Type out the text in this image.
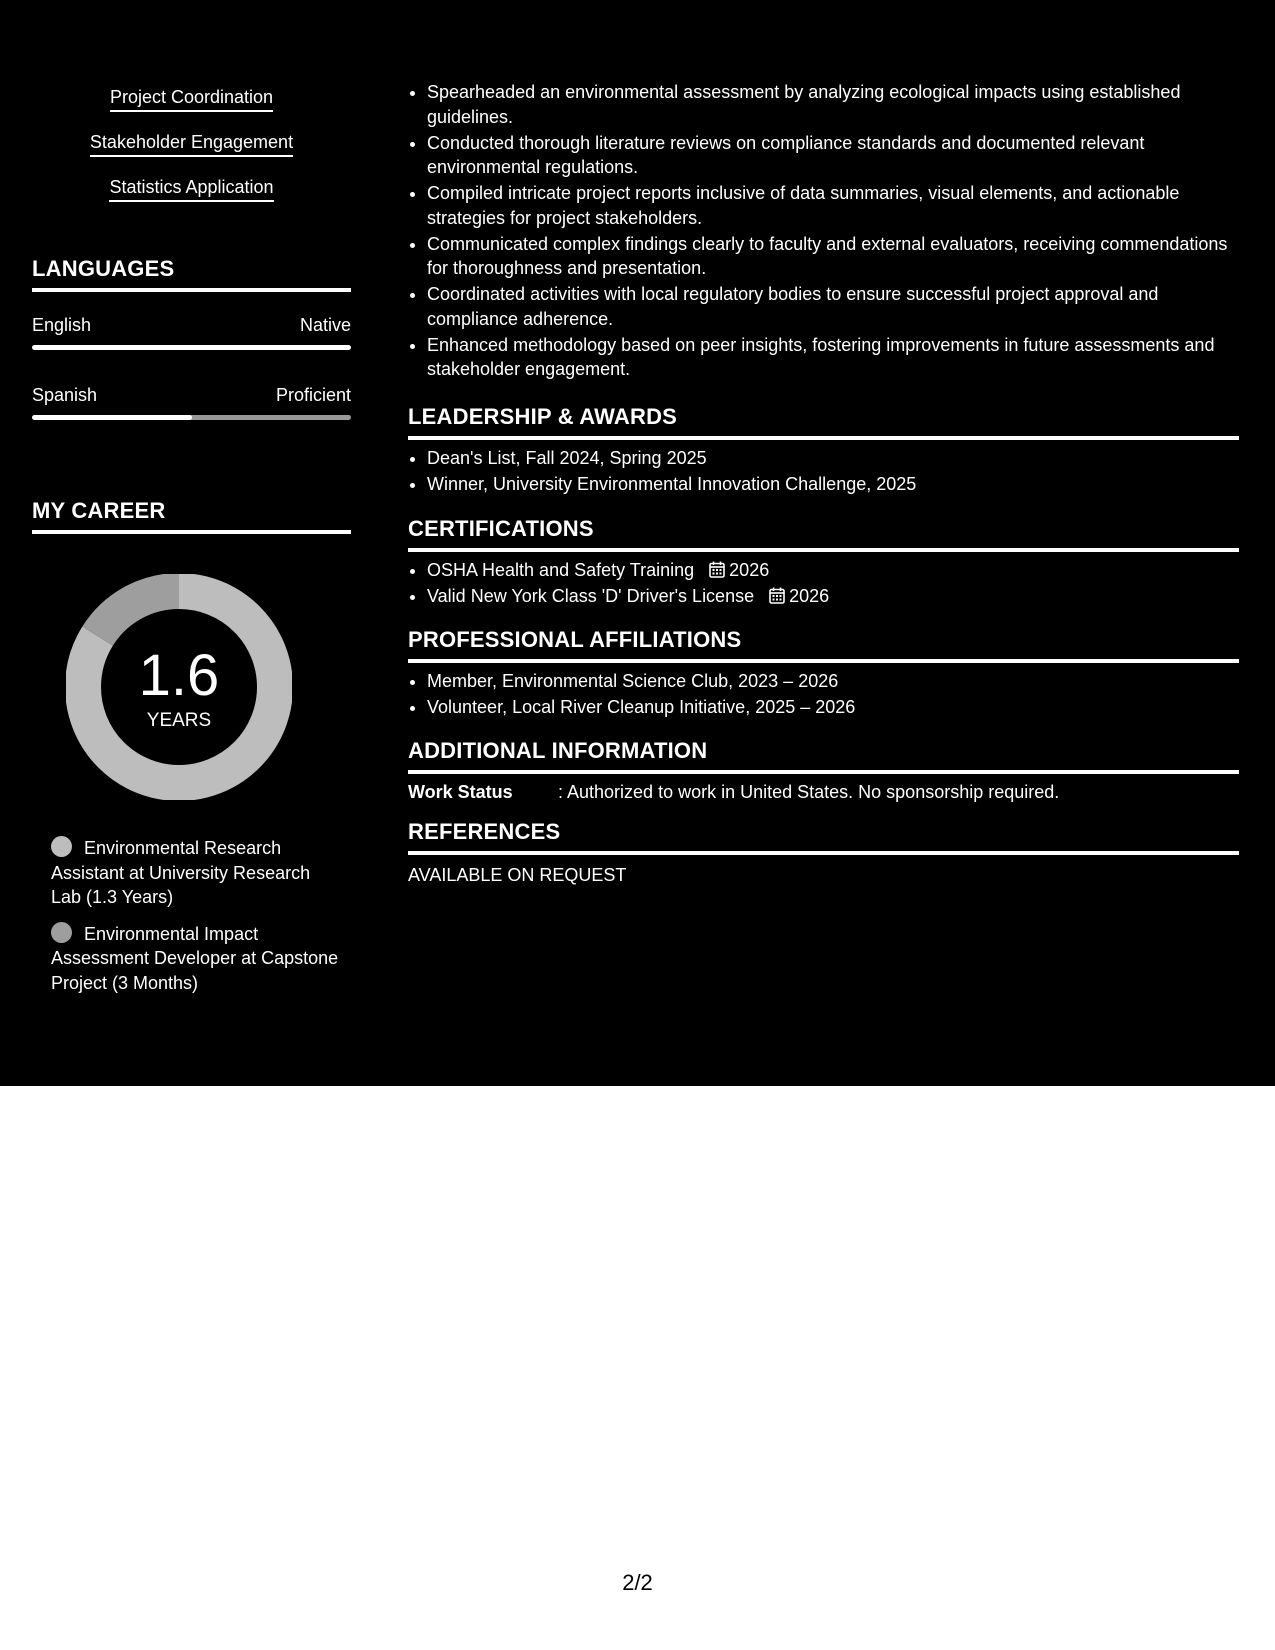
Project Coordination
Stakeholder Engagement
Statistics Application
LANGUAGES
English	Native
Spanish	Proficient
MY CAREER
1.6
YEARS
Environmental Research Assistant at University Research Lab (1.3 Years)
Environmental Impact Assessment Developer at Capstone Project (3 Months)
• Spearheaded an environmental assessment by analyzing ecological impacts using established guidelines.
• Conducted thorough literature reviews on compliance standards and documented relevant environmental regulations.
• Compiled intricate project reports inclusive of data summaries, visual elements, and actionable strategies for project stakeholders.
• Communicated complex findings clearly to faculty and external evaluators, receiving commendations for thoroughness and presentation.
• Coordinated activities with local regulatory bodies to ensure successful project approval and compliance adherence.
• Enhanced methodology based on peer insights, fostering improvements in future assessments and stakeholder engagement.
LEADERSHIP & AWARDS
• Dean's List, Fall 2024, Spring 2025
• Winner, University Environmental Innovation Challenge, 2025
CERTIFICATIONS
• OSHA Health and Safety Training 2026
• Valid New York Class 'D' Driver's License 2026
PROFESSIONAL AFFILIATIONS
• Member, Environmental Science Club, 2023 – 2026
• Volunteer, Local River Cleanup Initiative, 2025 – 2026
ADDITIONAL INFORMATION
Work Status	: Authorized to work in United States. No sponsorship required.
REFERENCES
AVAILABLE ON REQUEST
2/2
